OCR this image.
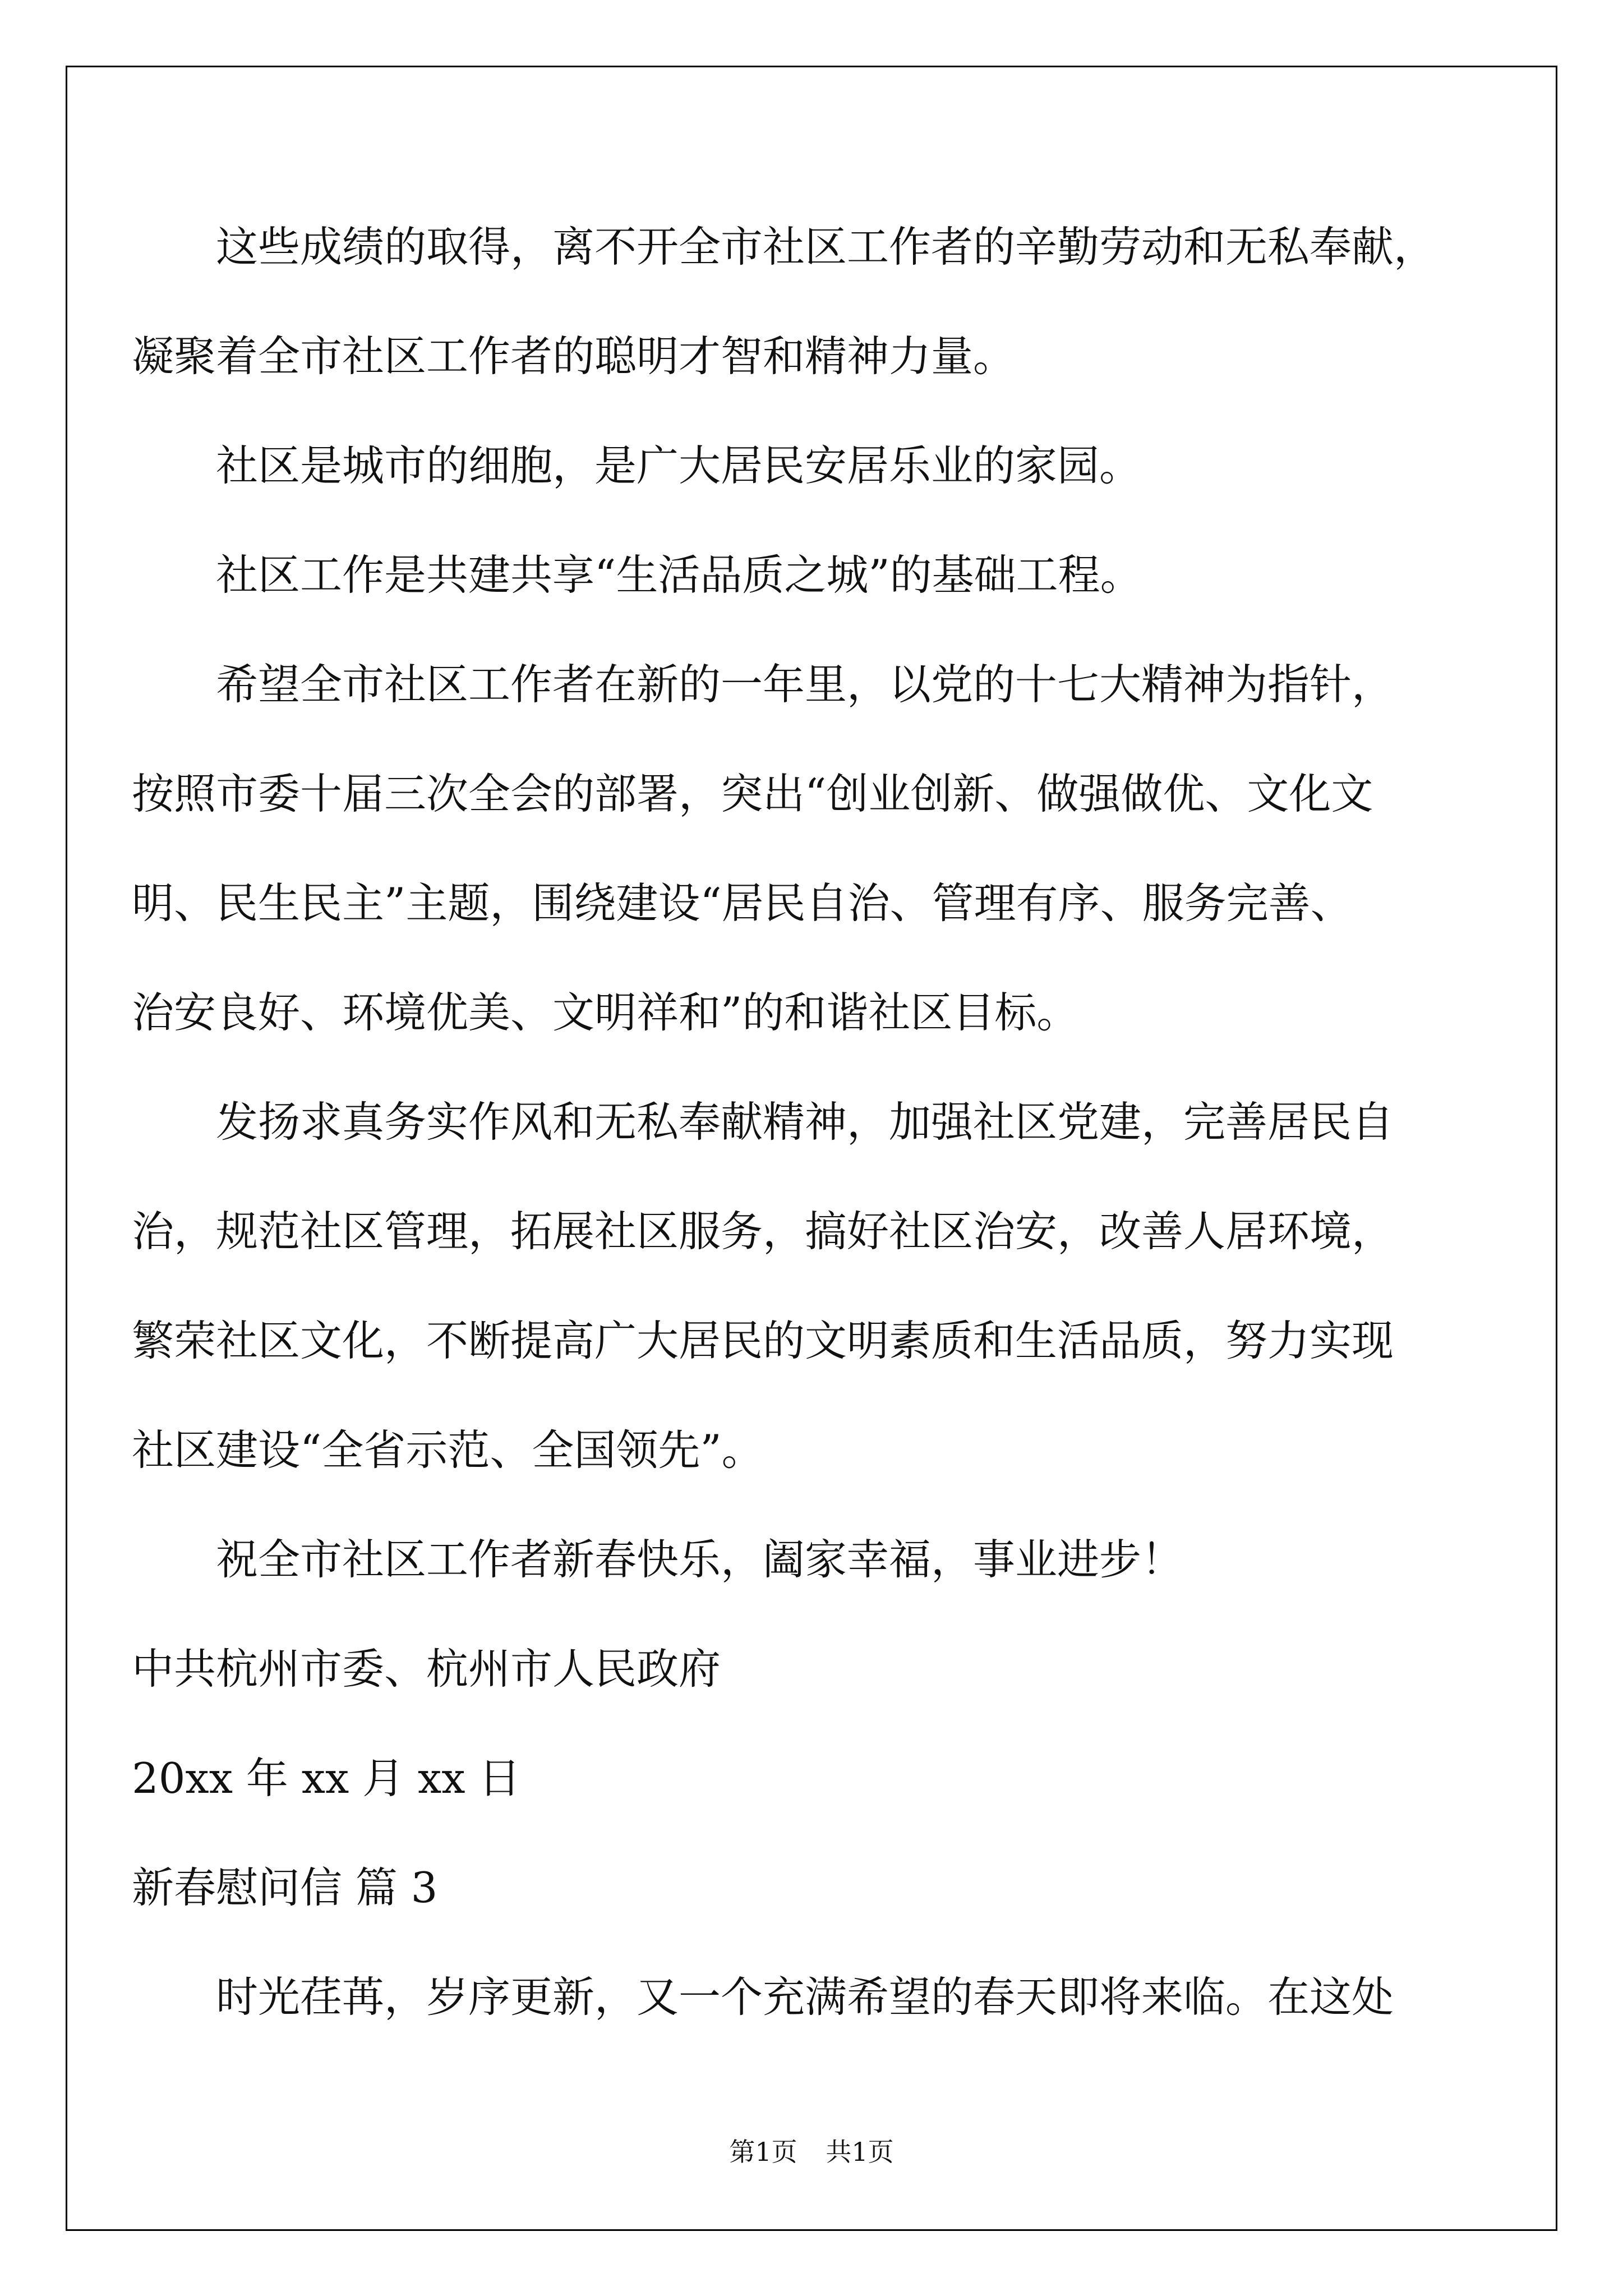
这些成绩的取得，离不开全市社区工作者的辛勤劳动和无私奉献，

凝聚着全市社区工作者的聪明才智和精神力量。

社区是城市的细胞，是广大居民安居乐业的家园。

社区工作是共建共享“生活品质之城”的基础工程。

希望全市社区工作者在新的一年里，以党的十七大精神为指针，

按照市委十届三次全会的部署，突出“创业创新、做强做优、文化文

明、民生民主”主题，围绕建设“居民自治、管理有序、服务完善、

治安良好、环境优美、文明祥和”的和谐社区目标。

发扬求真务实作风和无私奉献精神，加强社区党建，完善居民自

治，规范社区管理，拓展社区服务，搞好社区治安，改善人居环境，

繁荣社区文化，不断提高广大居民的文明素质和生活品质，努力实现

社区建设“全省示范、全国领先”。

祝全市社区工作者新春快乐，阖家幸福，事业进步！

中共杭州市委、杭州市人民政府

20xx 年 xx 月 xx 日

新春慰问信 篇 3

时光荏苒，岁序更新，又一个充满希望的春天即将来临。在这处

第1页 共1页
